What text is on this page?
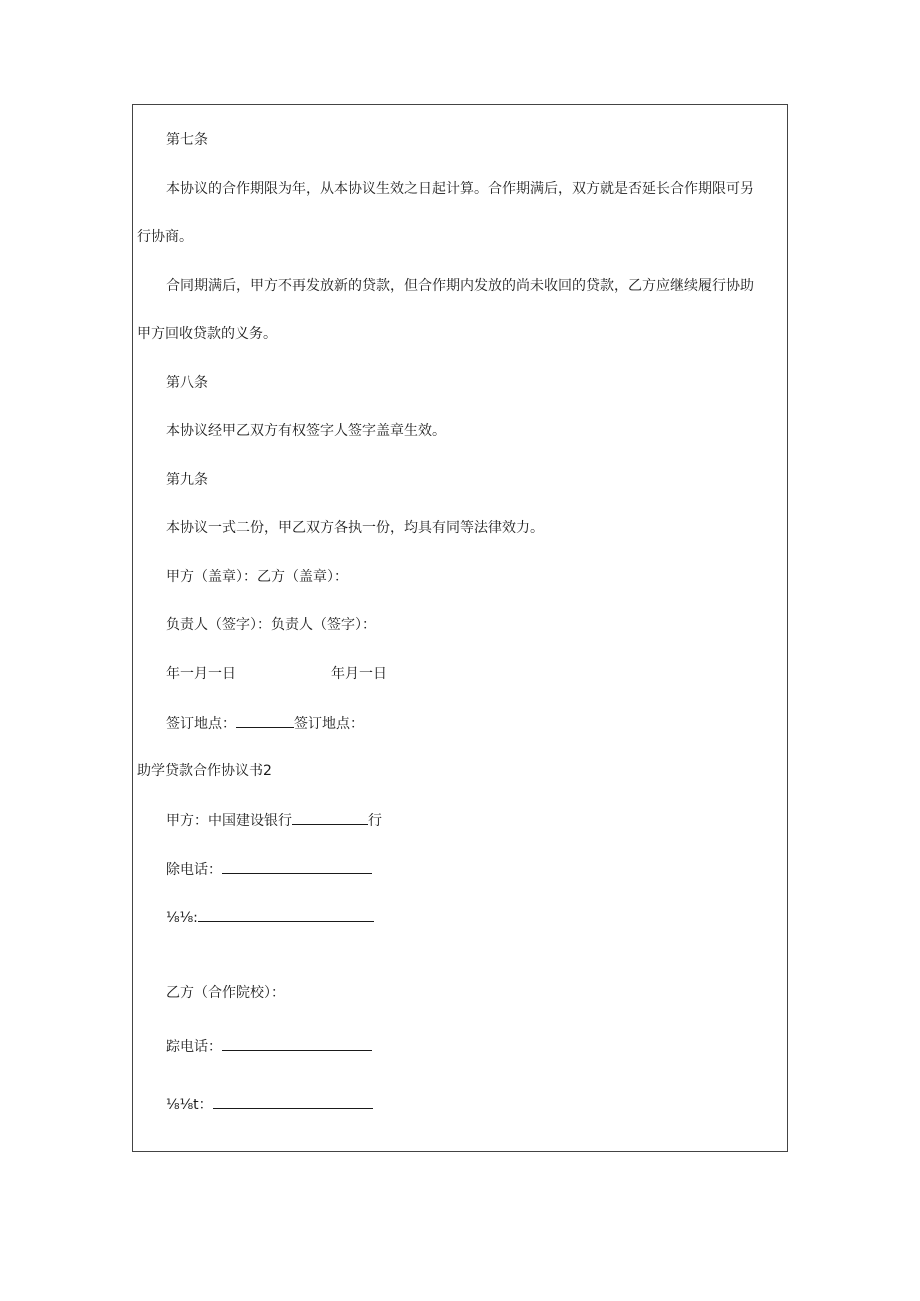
第七条

本协议的合作期限为年，从本协议生效之日起计算。合作期满后，双方就是否延长合作期限可另

行协商。

合同期满后，甲方不再发放新的贷款，但合作期内发放的尚未收回的贷款，乙方应继续履行协助

甲方回收贷款的义务。

第八条

本协议经甲乙双方有权签字人签字盖章生效。

第九条

本协议一式二份，甲乙双方各执一份，均具有同等法律效力。

甲方（盖章）：乙方（盖章）：

负责人（签字）：负责人（签字）：

年一月一日	年月一日

签订地点：	签订地点：

助学贷款合作协议书2

甲方：中国建设银行	行

除电话：

⅛⅛:

乙方（合作院校）：

踪电话：

⅛⅛t：
